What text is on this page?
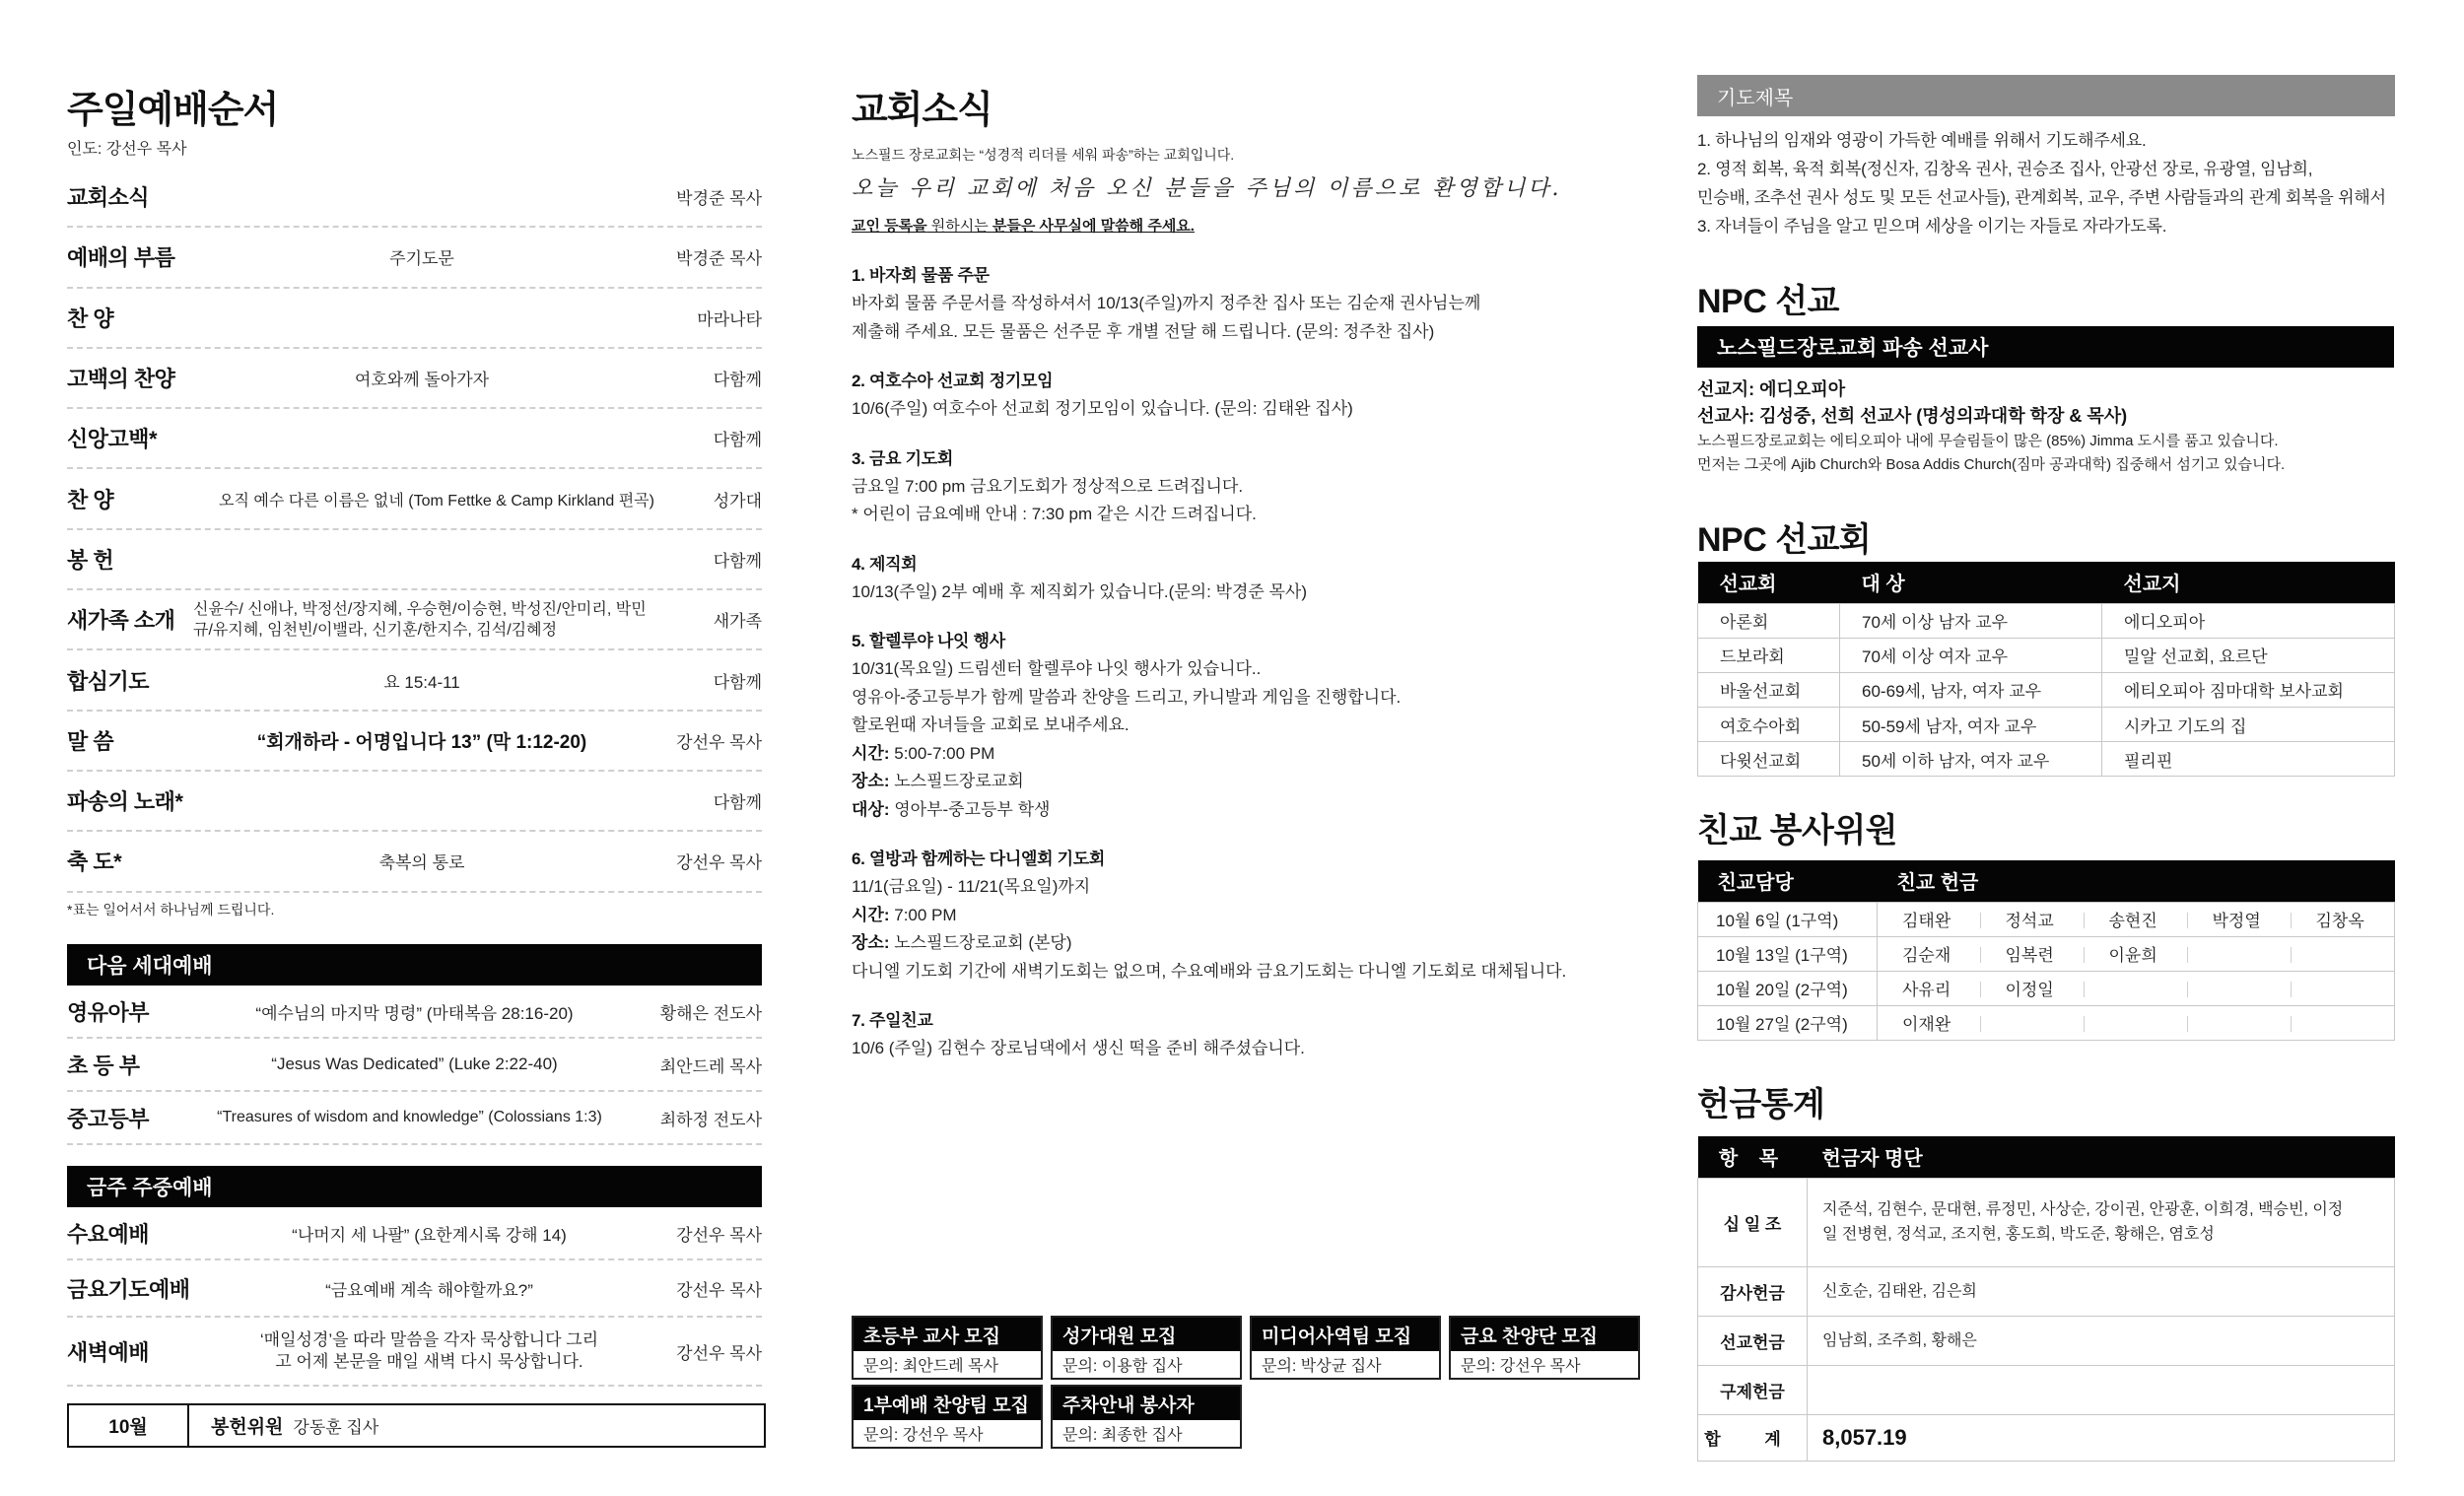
주일예배순서
인도: 강선우 목사
교회소식	박경준 목사
예배의 부름	주기도문	박경준 목사
찬 양	마라나타
고백의 찬양	여호와께 돌아가자	다함께
신앙고백*	다함께
찬 양	오직 예수 다른 이름은 없네 (Tom Fettke & Camp Kirkland 편곡)	성가대
봉 헌	다함께
새가족 소개	신윤수/ 신애나, 박정선/장지혜, 우승현/이승현, 박성진/안미리, 박민규/유지혜, 임천빈/이밸라, 신기훈/한지수, 김석/김혜정	새가족
합심기도	요 15:4-11	다함께
말 씀	“회개하라 - 어명입니다 13” (막 1:12-20)	강선우 목사
파송의 노래*	다함께
축 도*	축복의 통로	강선우 목사
*표는 일어서서 하나님께 드립니다.
다음 세대예배
영유아부	“예수님의 마지막 명령” (마태복음 28:16-20)	황해은 전도사
초 등 부	“Jesus Was Dedicated” (Luke 2:22-40)	최안드레 목사
중고등부	“Treasures of wisdom and knowledge” (Colossians 1:3)	최하정 전도사
금주 주중예배
수요예배	“나머지 세 나팔” (요한계시록 강해 14)	강선우 목사
금요기도예배	“금요예배 계속 해야할까요?”	강선우 목사
새벽예배	‘매일성경’을 따라 말씀을 각자 묵상합니다 그리고 어제 본문을 매일 새벽 다시 묵상합니다.	강선우 목사
10월	봉헌위원 강동훈 집사
교회소식
노스필드 장로교회는 “성경적 리더를 세워 파송”하는 교회입니다.
오늘 우리 교회에 처음 오신 분들을 주님의 이름으로 환영합니다.
교인 등록을 원하시는 분들은 사무실에 말씀해 주세요.
1. 바자회 물품 주문

바자회 물품 주문서를 작성하셔서 10/13(주일)까지 정주찬 집사 또는 김순재 권사님는께

제출해 주세요. 모든 물품은 선주문 후 개별 전달 해 드립니다. (문의: 정주찬 집사)

2. 여호수아 선교회 정기모임

10/6(주일) 여호수아 선교회 정기모임이 있습니다. (문의: 김태완 집사)

3. 금요 기도회

금요일 7:00 pm 금요기도회가 정상적으로 드려집니다.

* 어린이 금요예배 안내 : 7:30 pm 같은 시간 드려집니다.

4. 제직회

10/13(주일) 2부 예배 후 제직회가 있습니다.(문의: 박경준 목사)

5. 할렐루야 나잇 행사

10/31(목요일) 드림센터 할렐루야 나잇 행사가 있습니다..

영유아-중고등부가 함께 말씀과 찬양을 드리고, 카니발과 게임을 진행합니다.

할로윈때 자녀들을 교회로 보내주세요.

시간: 5:00-7:00 PM

장소: 노스필드장로교회

대상: 영아부-중고등부 학생

6. 열방과 함께하는 다니엘회 기도회

11/1(금요일) - 11/21(목요일)까지

시간: 7:00 PM

장소: 노스필드장로교회 (본당)

다니엘 기도회 기간에 새벽기도회는 없으며, 수요예배와 금요기도회는 다니엘 기도회로 대체됩니다.

7. 주일친교

10/6 (주일) 김현수 장로님댁에서 생신 떡을 준비 해주셨습니다.

초등부 교사 모집
문의: 최안드레 목사
성가대원 모집
문의: 이용함 집사
미디어사역팀 모집
문의: 박상균 집사
금요 찬양단 모집
문의: 강선우 목사
1부예배 찬양팀 모집
문의: 강선우 목사
주차안내 봉사자
문의: 최종한 집사
기도제목

1. 하나님의 임재와 영광이 가득한 예배를 위해서 기도해주세요.

2. 영적 회복, 육적 회복(정신자, 김창옥 권사, 권승조 집사, 안광선 장로, 유광열, 임남희,

민승배, 조추선 권사 성도 및 모든 선교사들), 관계회복, 교우, 주변 사람들과의 관계 회복을 위해서

3. 자녀들이 주님을 알고 믿으며 세상을 이기는 자들로 자라가도록.

NPC 선교
노스필드장로교회 파송 선교사
선교지: 에디오피아
선교사: 김성중, 선희 선교사 (명성의과대학 학장 & 목사)
노스필드장로교회는 에티오피아 내에 무슬림들이 많은 (85%) Jimma 도시를 품고 있습니다.
먼저는 그곳에 Ajib Church와 Bosa Addis Church(짐마 공과대학) 집중해서 섬기고 있습니다.
NPC 선교회
선교회	대 상	선교지
아론회	70세 이상 남자 교우	에디오피아
드보라회	70세 이상 여자 교우	밀알 선교회, 요르단
바울선교회	60-69세, 남자, 여자 교우	에티오피아 짐마대학 보사교회
여호수아회	50-59세 남자, 여자 교우	시카고 기도의 집
다윗선교회	50세 이하 남자, 여자 교우	필리핀
친교 봉사위원
친교담당	친교 헌금				
10월 6일 (1구역)	김태완	정석교	송현진	박정열	김창옥
10월 13일 (1구역)	김순재	임복련	이윤희		
10월 20일 (2구역)	사유리	이정일			
10월 27일 (2구역)	이재완				
헌금통계
항 목	헌금자 명단
십 일 조	지준석, 김현수, 문대현, 류정민, 사상순, 강이권, 안광훈, 이희경, 백승빈, 이정일 전병현, 정석교, 조지현, 홍도희, 박도준, 황해은, 염호성
감사헌금	신호순, 김태완, 김은희
선교헌금	임남희, 조주희, 황해은
구제헌금	
합 계	8,057.19
